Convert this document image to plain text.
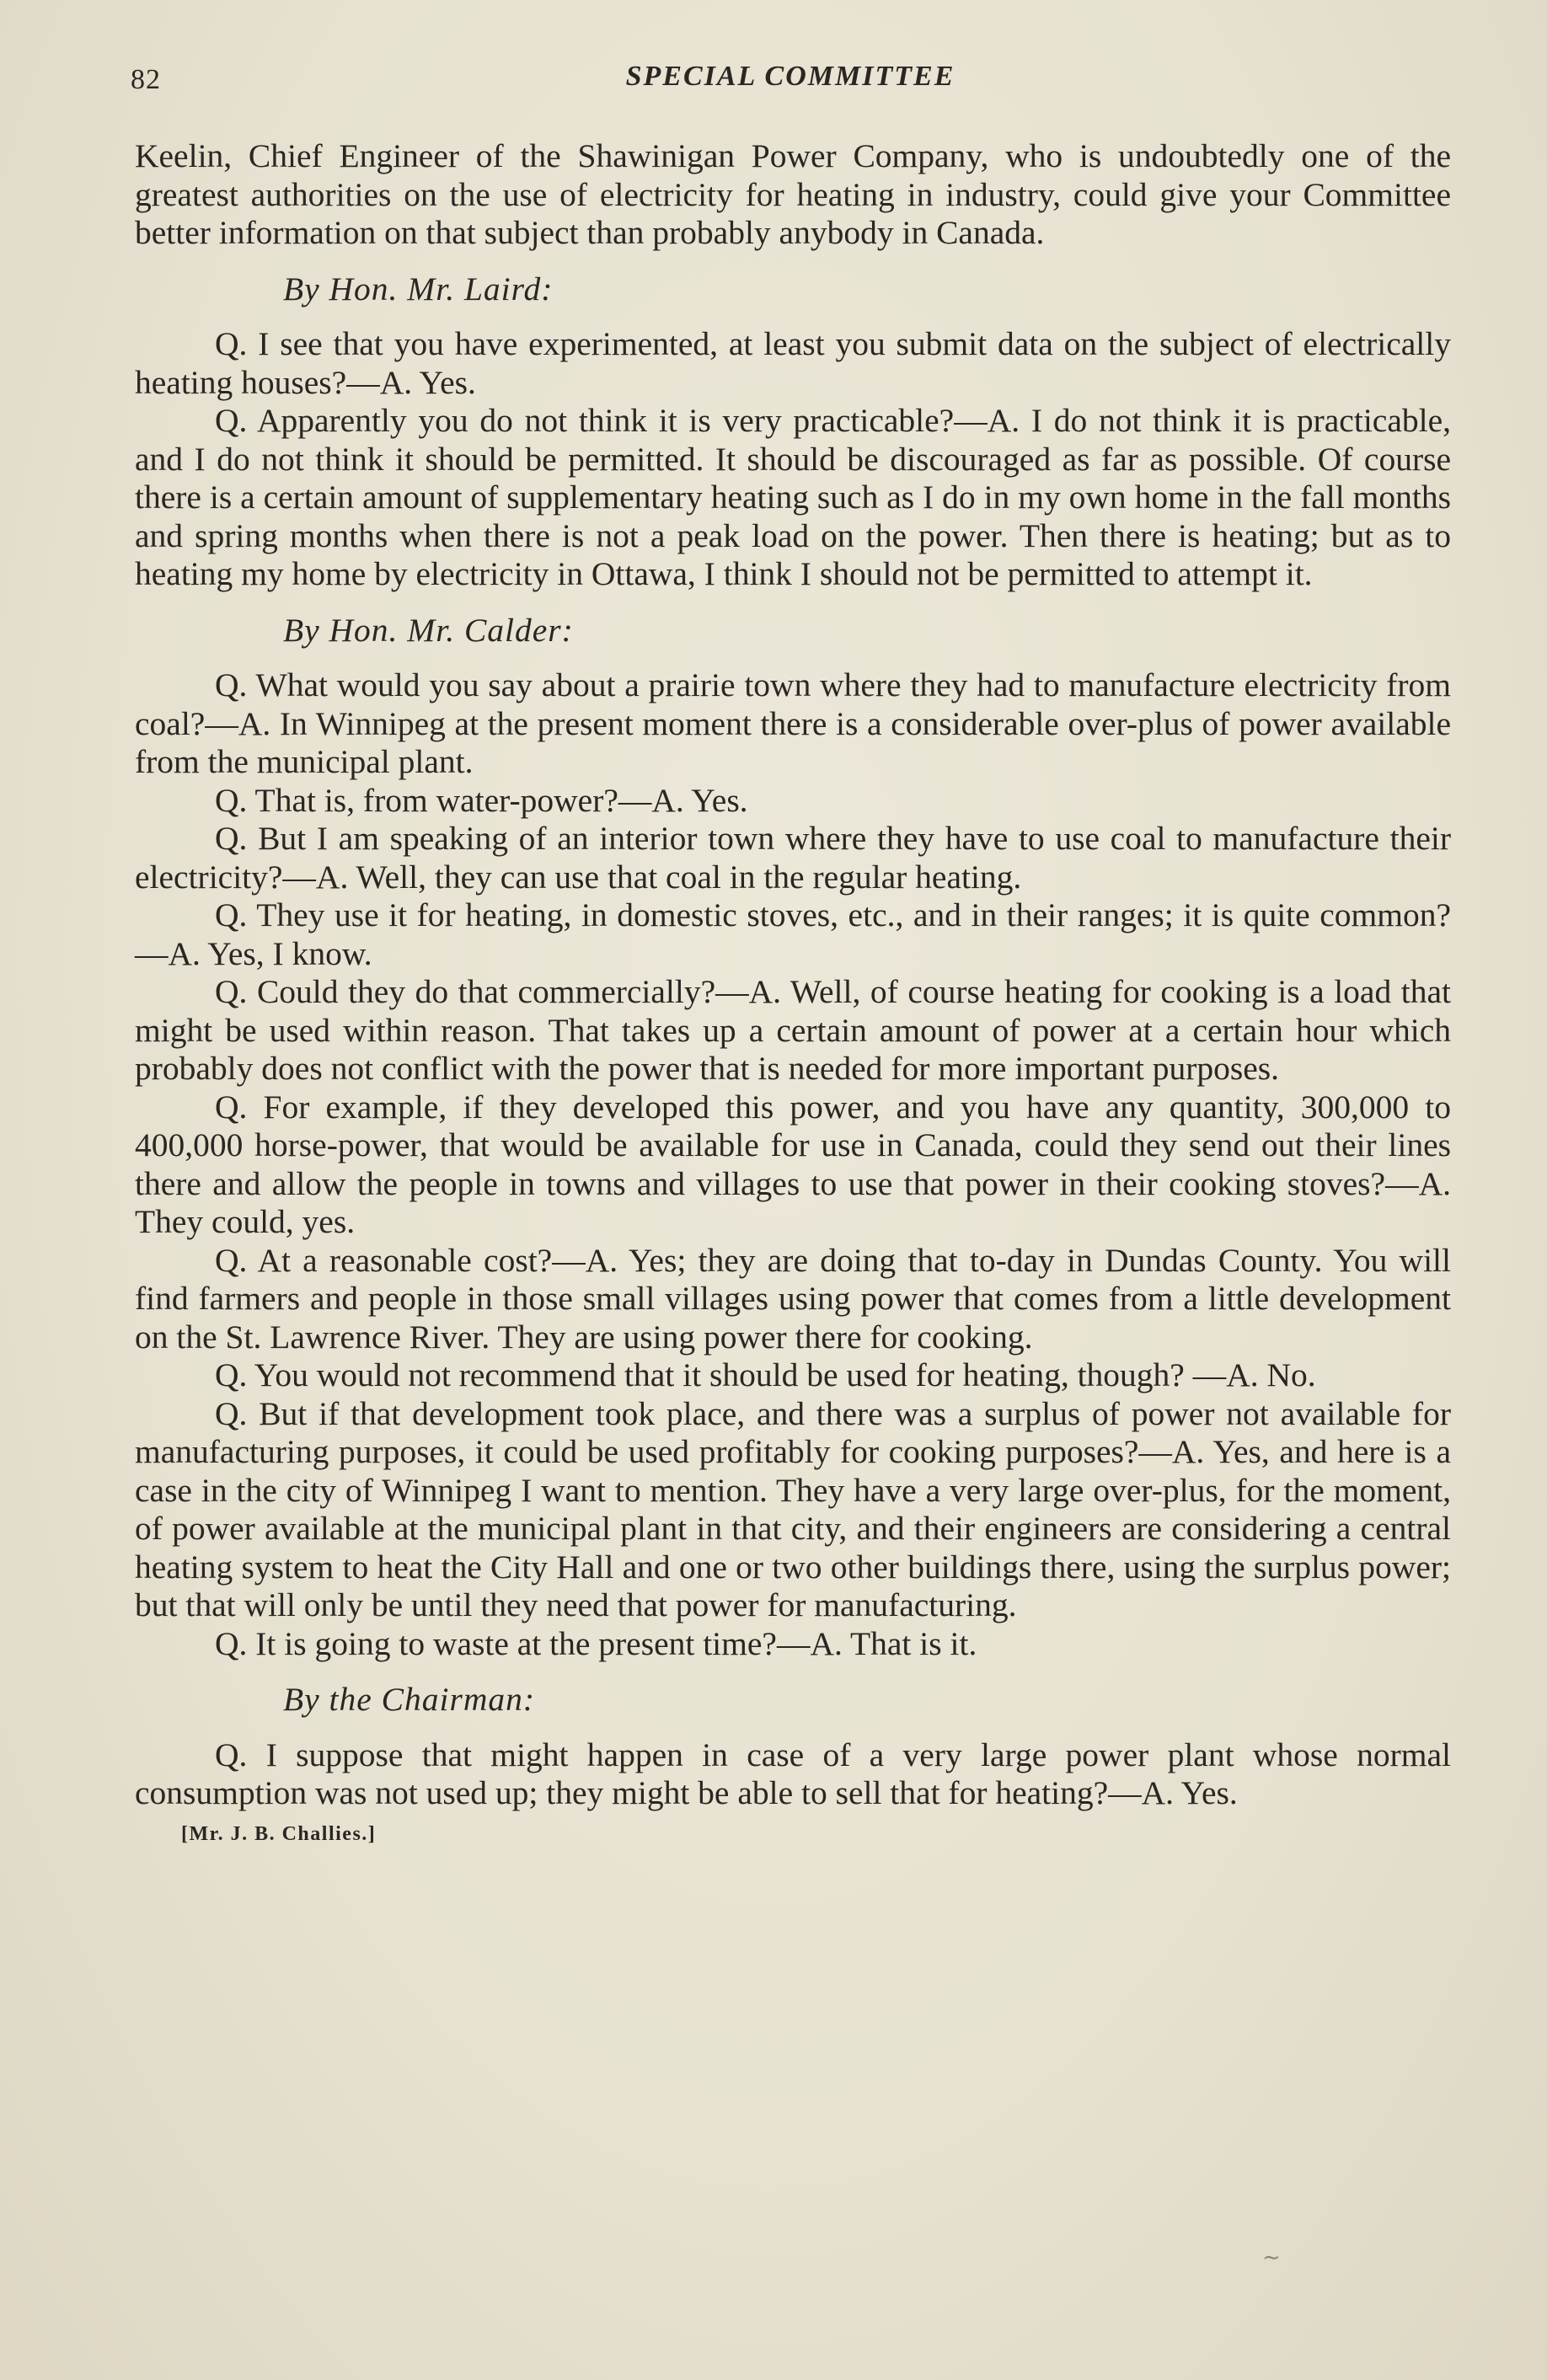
82	SPECIAL COMMITTEE

Keelin, Chief Engineer of the Shawinigan Power Company, who is undoubtedly one of the greatest authorities on the use of electricity for heating in industry, could give your Committee better information on that subject than probably anybody in Canada.

By Hon. Mr. Laird:

Q. I see that you have experimented, at least you submit data on the subject of electrically heating houses?—A. Yes.

Q. Apparently you do not think it is very practicable?—A. I do not think it is practicable, and I do not think it should be permitted. It should be discouraged as far as possible. Of course there is a certain amount of supplementary heating such as I do in my own home in the fall months and spring months when there is not a peak load on the power. Then there is heating; but as to heating my home by electricity in Ottawa, I think I should not be permitted to attempt it.

By Hon. Mr. Calder:

Q. What would you say about a prairie town where they had to manufacture electricity from coal?—A. In Winnipeg at the present moment there is a considerable over-plus of power available from the municipal plant.

Q. That is, from water-power?—A. Yes.

Q. But I am speaking of an interior town where they have to use coal to manufacture their electricity?—A. Well, they can use that coal in the regular heating.

Q. They use it for heating, in domestic stoves, etc., and in their ranges; it is quite common?—A. Yes, I know.

Q. Could they do that commercially?—A. Well, of course heating for cooking is a load that might be used within reason. That takes up a certain amount of power at a certain hour which probably does not conflict with the power that is needed for more important purposes.

Q. For example, if they developed this power, and you have any quantity, 300,000 to 400,000 horse-power, that would be available for use in Canada, could they send out their lines there and allow the people in towns and villages to use that power in their cooking stoves?—A. They could, yes.

Q. At a reasonable cost?—A. Yes; they are doing that to-day in Dundas County. You will find farmers and people in those small villages using power that comes from a little development on the St. Lawrence River. They are using power there for cooking.

Q. You would not recommend that it should be used for heating, though? —A. No.

Q. But if that development took place, and there was a surplus of power not available for manufacturing purposes, it could be used profitably for cooking purposes?—A. Yes, and here is a case in the city of Winnipeg I want to mention. They have a very large over-plus, for the moment, of power available at the municipal plant in that city, and their engineers are considering a central heating system to heat the City Hall and one or two other buildings there, using the surplus power; but that will only be until they need that power for manufacturing.

Q. It is going to waste at the present time?—A. That is it.

By the Chairman:

Q. I suppose that might happen in case of a very large power plant whose normal consumption was not used up; they might be able to sell that for heating?—A. Yes.

[Mr. J. B. Challies.]
∼
